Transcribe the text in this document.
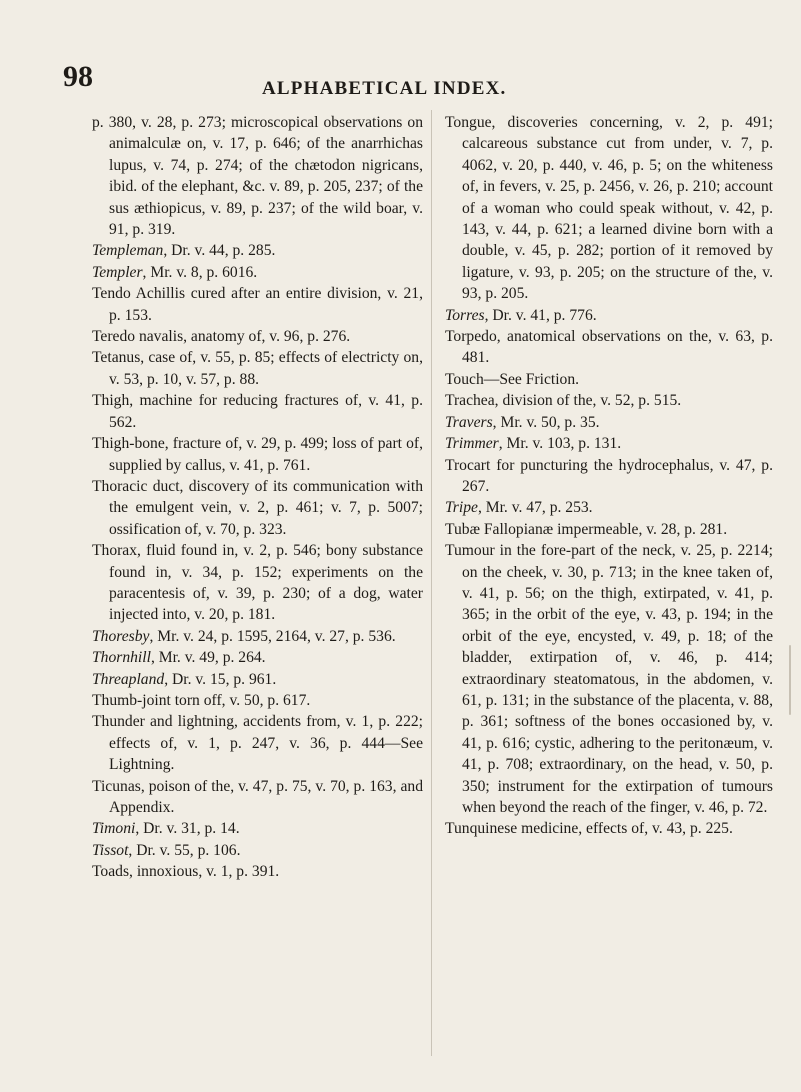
98	ALPHABETICAL INDEX.

p. 380, v. 28, p. 273; microscopical observations on animalculæ on, v. 17, p. 646; of the anarrhichas lupus, v. 74, p. 274; of the chætodon nigricans, ibid. of the elephant, &c. v. 89, p. 205, 237; of the sus æthiopicus, v. 89, p. 237; of the wild boar, v. 91, p. 319.

Templeman, Dr. v. 44, p. 285.

Templer, Mr. v. 8, p. 6016.

Tendo Achillis cured after an entire division, v. 21, p. 153.

Teredo navalis, anatomy of, v. 96, p. 276.

Tetanus, case of, v. 55, p. 85; effects of electricty on, v. 53, p. 10, v. 57, p. 88.

Thigh, machine for reducing fractures of, v. 41, p. 562.

Thigh-bone, fracture of, v. 29, p. 499; loss of part of, supplied by callus, v. 41, p. 761.

Thoracic duct, discovery of its communication with the emulgent vein, v. 2, p. 461; v. 7, p. 5007; ossification of, v. 70, p. 323.

Thorax, fluid found in, v. 2, p. 546; bony substance found in, v. 34, p. 152; experiments on the paracentesis of, v. 39, p. 230; of a dog, water injected into, v. 20, p. 181.

Thoresby, Mr. v. 24, p. 1595, 2164, v. 27, p. 536.

Thornhill, Mr. v. 49, p. 264.

Threapland, Dr. v. 15, p. 961.

Thumb-joint torn off, v. 50, p. 617.

Thunder and lightning, accidents from, v. 1, p. 222; effects of, v. 1, p. 247, v. 36, p. 444—See Lightning.

Ticunas, poison of the, v. 47, p. 75, v. 70, p. 163, and Appendix.

Timoni, Dr. v. 31, p. 14.

Tissot, Dr. v. 55, p. 106.

Toads, innoxious, v. 1, p. 391.

Tongue, discoveries concerning, v. 2, p. 491; calcareous substance cut from under, v. 7, p. 4062, v. 20, p. 440, v. 46, p. 5; on the whiteness of, in fevers, v. 25, p. 2456, v. 26, p. 210; account of a woman who could speak without, v. 42, p. 143, v. 44, p. 621; a learned divine born with a double, v. 45, p. 282; portion of it removed by ligature, v. 93, p. 205; on the structure of the, v. 93, p. 205.

Torres, Dr. v. 41, p. 776.

Torpedo, anatomical observations on the, v. 63, p. 481.

Touch—See Friction.

Trachea, division of the, v. 52, p. 515.

Travers, Mr. v. 50, p. 35.

Trimmer, Mr. v. 103, p. 131.

Trocart for puncturing the hydrocephalus, v. 47, p. 267.

Tripe, Mr. v. 47, p. 253.

Tubæ Fallopianæ impermeable, v. 28, p. 281.

Tumour in the fore-part of the neck, v. 25, p. 2214; on the cheek, v. 30, p. 713; in the knee taken of, v. 41, p. 56; on the thigh, extirpated, v. 41, p. 365; in the orbit of the eye, v. 43, p. 194; in the orbit of the eye, encysted, v. 49, p. 18; of the bladder, extirpation of, v. 46, p. 414; extraordinary steatomatous, in the abdomen, v. 61, p. 131; in the substance of the placenta, v. 88, p. 361; softness of the bones occasioned by, v. 41, p. 616; cystic, adhering to the peritonæum, v. 41, p. 708; extraordinary, on the head, v. 50, p. 350; instrument for the extirpation of tumours when beyond the reach of the finger, v. 46, p. 72.

Tunquinese medicine, effects of, v. 43, p. 225.
